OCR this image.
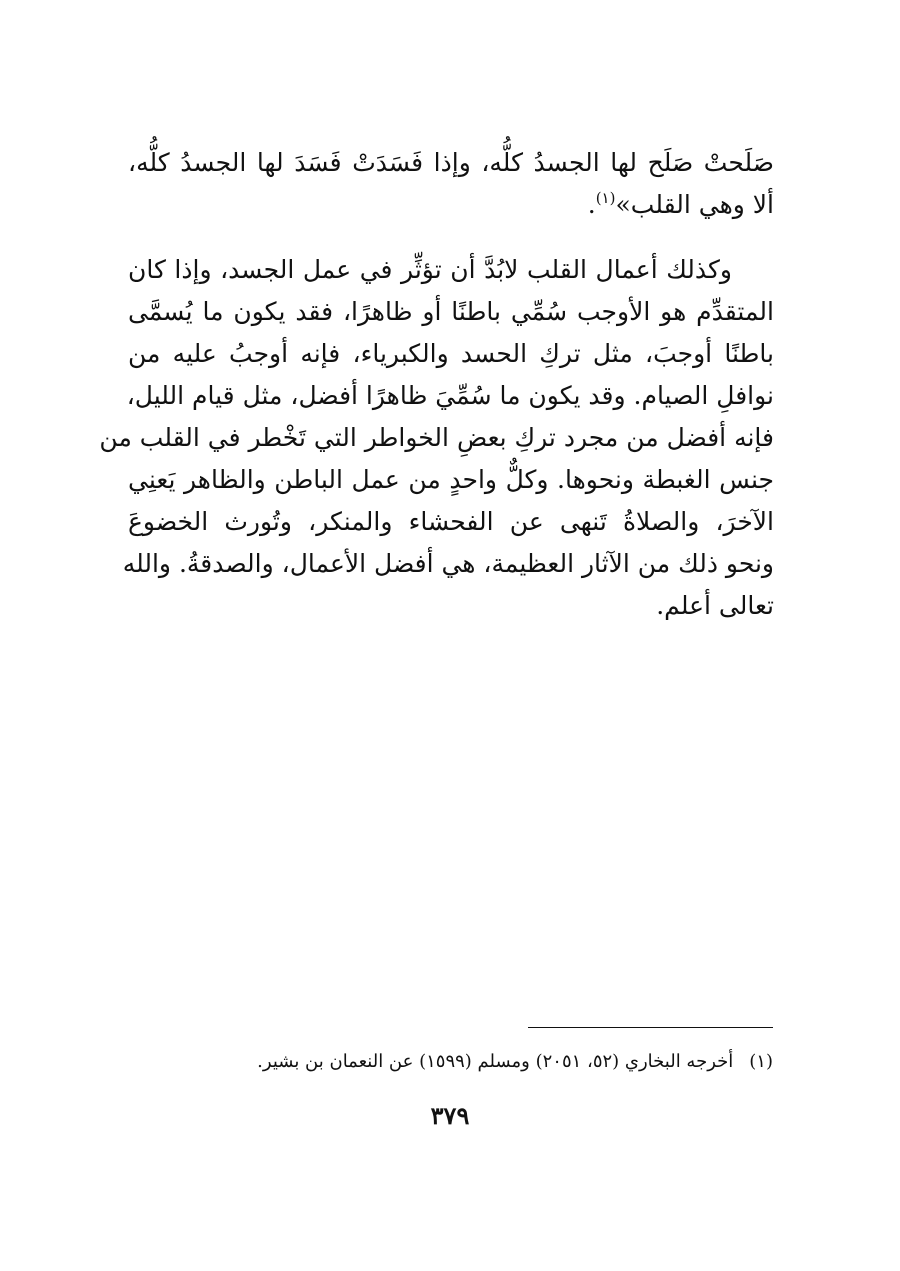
صَلَحتْ صَلَح لها الجسدُ كلُّه، وإذا فَسَدَتْ فَسَدَ لها الجسدُ كلُّه،
ألا وهي القلب»$^{(١)}$.
وكذلك أعمال القلب لابُدَّ أن تؤثِّر في عمل الجسد، وإذا كان
المتقدِّم هو الأوجب سُمِّي باطنًا أو ظاهرًا، فقد يكون ما يُسمَّى
باطنًا أوجبَ، مثل تركِ الحسد والكبرياء، فإنه أوجبُ عليه من
نوافلِ الصيام. وقد يكون ما سُمِّيَ ظاهرًا أفضل، مثل قيام الليل،
فإنه أفضل من مجرد تركِ بعضِ الخواطر التي تَخْطر في القلب من
جنس الغبطة ونحوها. وكلٌّ واحدٍ من عمل الباطن والظاهر يَعنِي
الآخرَ، والصلاةُ تَنهى عن الفحشاء والمنكر، وتُورث الخضوعَ
ونحو ذلك من الآثار العظيمة، هي أفضل الأعمال، والصدقةُ. والله
تعالى أعلم.
(١)أخرجه البخاري (٥٢، ٢٠٥١) ومسلم (١٥٩٩) عن النعمان بن بشير.
٣٧٩
